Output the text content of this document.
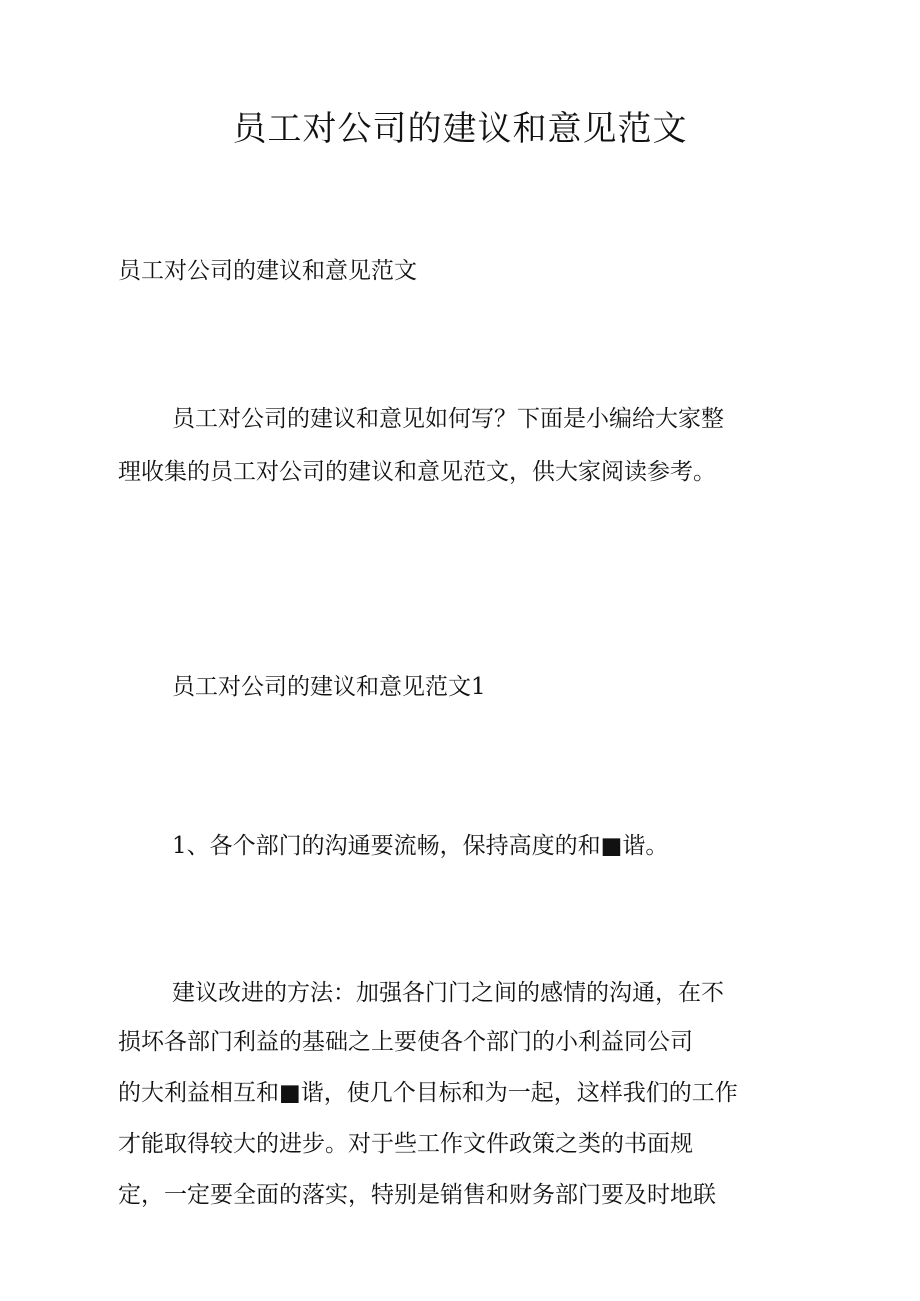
员工对公司的建议和意见范文

员工对公司的建议和意见范文

员工对公司的建议和意见如何写？下面是小编给大家整

理收集的员工对公司的建议和意见范文，供大家阅读参考。

员工对公司的建议和意见范文1

1、各个部门的沟通要流畅，保持高度的和■谐。

建议改进的方法：加强各门门之间的感情的沟通，在不

损坏各部门利益的基础之上要使各个部门的小利益同公司

的大利益相互和■谐，使几个目标和为一起，这样我们的工作

才能取得较大的进步。对于些工作文件政策之类的书面规

定，一定要全面的落实，特别是销售和财务部门要及时地联
